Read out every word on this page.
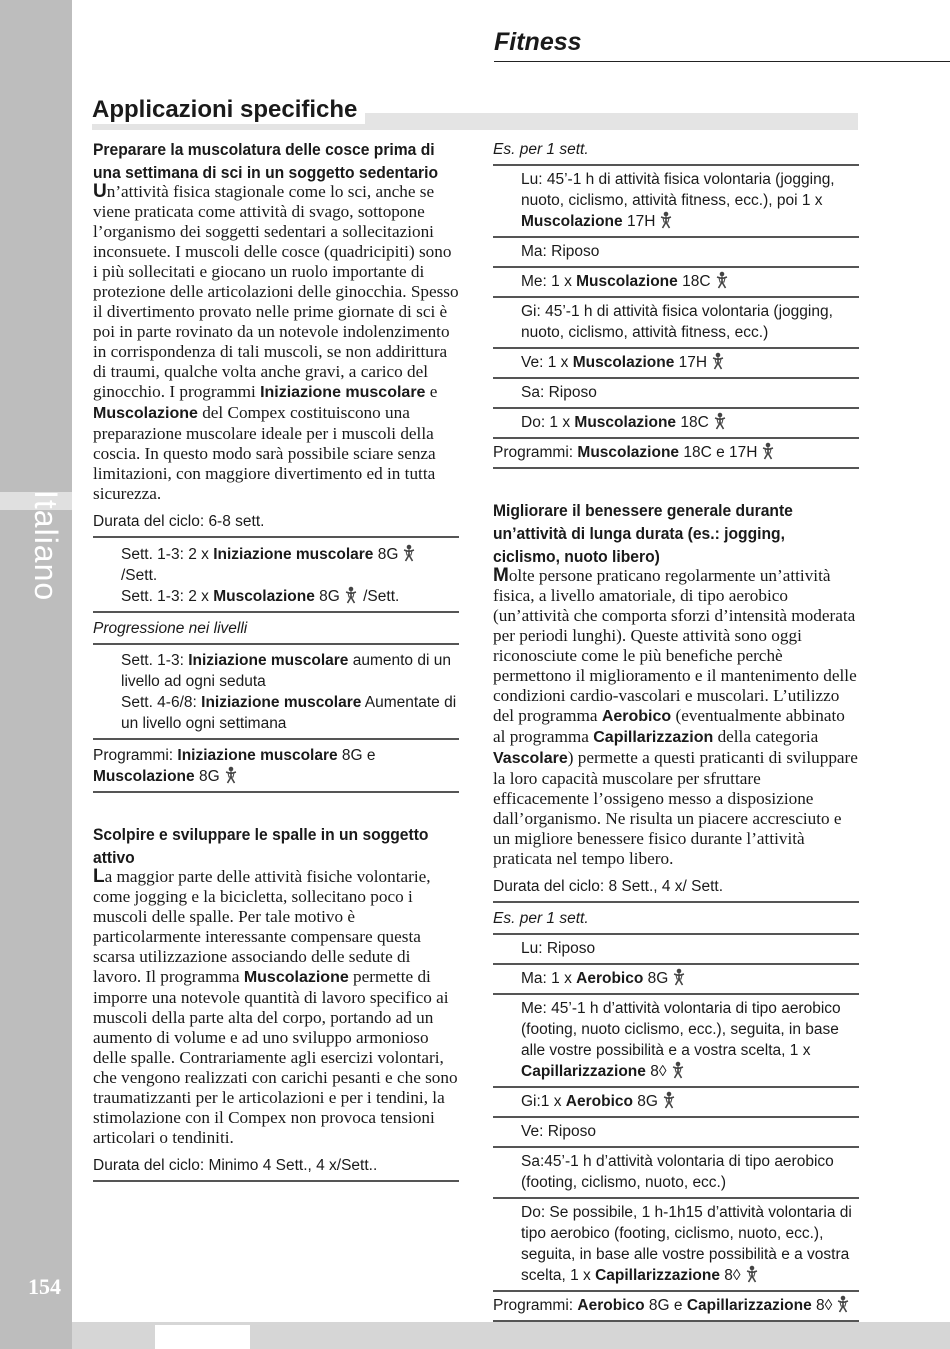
Italiano
154
Fitness
Applicazioni specifiche
Preparare la muscolatura delle cosce prima di una settimana di sci in un soggetto sedentario

Un’attività fisica stagionale come lo sci, anche se viene praticata come attività di svago, sottopone l’organismo dei soggetti sedentari a sollecitazioni inconsuete. I muscoli delle cosce (quadricipiti) sono i più sollecitati e giocano un ruolo importante di protezione delle articolazioni delle ginocchia. Spesso il divertimento provato nelle prime giornate di sci è poi in parte rovinato da un notevole indolenzimento in corrispondenza di tali muscoli, se non addirittura di traumi, qualche volta anche gravi, a carico del ginocchio. I programmi Iniziazione muscolare e Muscolazione del Compex costituiscono una preparazione muscolare ideale per i muscoli della coscia. In questo modo sarà possibile sciare senza limitazioni, con maggiore divertimento ed in tutta sicurezza.

Durata del ciclo: 6-8 sett.
Sett. 1-3: 2 x Iniziazione muscolare 8G
/Sett.
Sett. 1-3: 2 x Muscolazione 8G /Sett.
Progressione nei livelli
Sett. 1-3: Iniziazione muscolare aumento di un livello ad ogni seduta
Sett. 4-6/8: Iniziazione muscolare Aumentate di un livello ogni settimana
Programmi: Iniziazione muscolare 8G e Muscolazione 8G
Scolpire e sviluppare le spalle in un soggetto attivo

La maggior parte delle attività fisiche volontarie, come jogging e la bicicletta, sollecitano poco i muscoli delle spalle. Per tale motivo è particolarmente interessante compensare questa scarsa utilizzazione associando delle sedute di lavoro. Il programma Muscolazione permette di imporre una notevole quantità di lavoro specifico ai muscoli della parte alta del corpo, portando ad un aumento di volume e ad uno sviluppo armonioso delle spalle. Contrariamente agli esercizi volontari, che vengono realizzati con carichi pesanti e che sono traumatizzanti per le articolazioni e per i tendini, la stimolazione con il Compex non provoca tensioni articolari o tendiniti.

Durata del ciclo: Minimo 4 Sett., 4 x/Sett..
Es. per 1 sett.
Lu: 45’-1 h di attività fisica volontaria (jogging, nuoto, ciclismo, attività fitness, ecc.), poi 1 x Muscolazione 17H
Ma: Riposo
Me: 1 x Muscolazione 18C
Gi: 45’-1 h di attività fisica volontaria (jogging, nuoto, ciclismo, attività fitness, ecc.)
Ve: 1 x Muscolazione 17H
Sa: Riposo
Do: 1 x Muscolazione 18C
Programmi: Muscolazione 18C e 17H
Migliorare il benessere generale durante un’attività di lunga durata (es.: jogging, ciclismo, nuoto libero)

Molte persone praticano regolarmente un’attività fisica, a livello amatoriale, di tipo aerobico (un’attività che comporta sforzi d’intensità moderata per periodi lunghi). Queste attività sono oggi riconosciute come le più benefiche perchè permettono il miglioramento e il mantenimento delle condizioni cardio-vascolari e muscolari. L’utilizzo del programma Aerobico (eventualmente abbinato al programma Capillarizzazion della categoria Vascolare) permette a questi praticanti di sviluppare la loro capacità muscolare per sfruttare efficacemente l’ossigeno messo a disposizione dall’organismo. Ne risulta un piacere accresciuto e un migliore benessere fisico durante l’attività praticata nel tempo libero.

Durata del ciclo: 8 Sett., 4 x/ Sett.
Es. per 1 sett.
Lu: Riposo
Ma: 1 x Aerobico 8G
Me: 45’-1 h d’attività volontaria di tipo aerobico (footing, nuoto ciclismo, ecc.), seguita, in base alle vostre possibilità e a vostra scelta, 1 x Capillarizzazione 8◊
Gi:1 x Aerobico 8G
Ve: Riposo
Sa:45’-1 h d’attività volontaria di tipo aerobico (footing, ciclismo, nuoto, ecc.)
Do: Se possibile, 1 h-1h15 d’attività volontaria di tipo aerobico (footing, ciclismo, nuoto, ecc.), seguita, in base alle vostre possibilità e a vostra scelta, 1 x Capillarizzazione 8◊
Programmi: Aerobico 8G e Capillarizzazione 8◊
